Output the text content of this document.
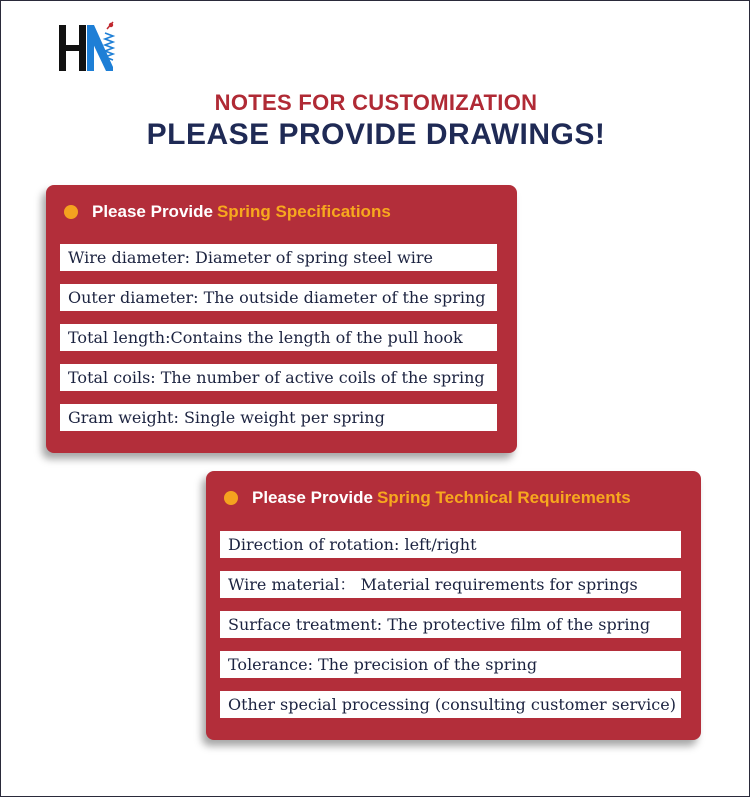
NOTES FOR CUSTOMIZATION
PLEASE PROVIDE DRAWINGS!
Please Provide Spring Specifications
Wire diameter: Diameter of spring steel wire
Outer diameter: The outside diameter of the spring
Total length:Contains the length of the pull hook
Total coils: The number of active coils of the spring
Gram weight: Single weight per spring
Please Provide Spring Technical Requirements
Direction of rotation: left/right
Wire material： Material requirements for springs
Surface treatment: The protective film of the spring
Tolerance: The precision of the spring
Other special processing (consulting customer service)
